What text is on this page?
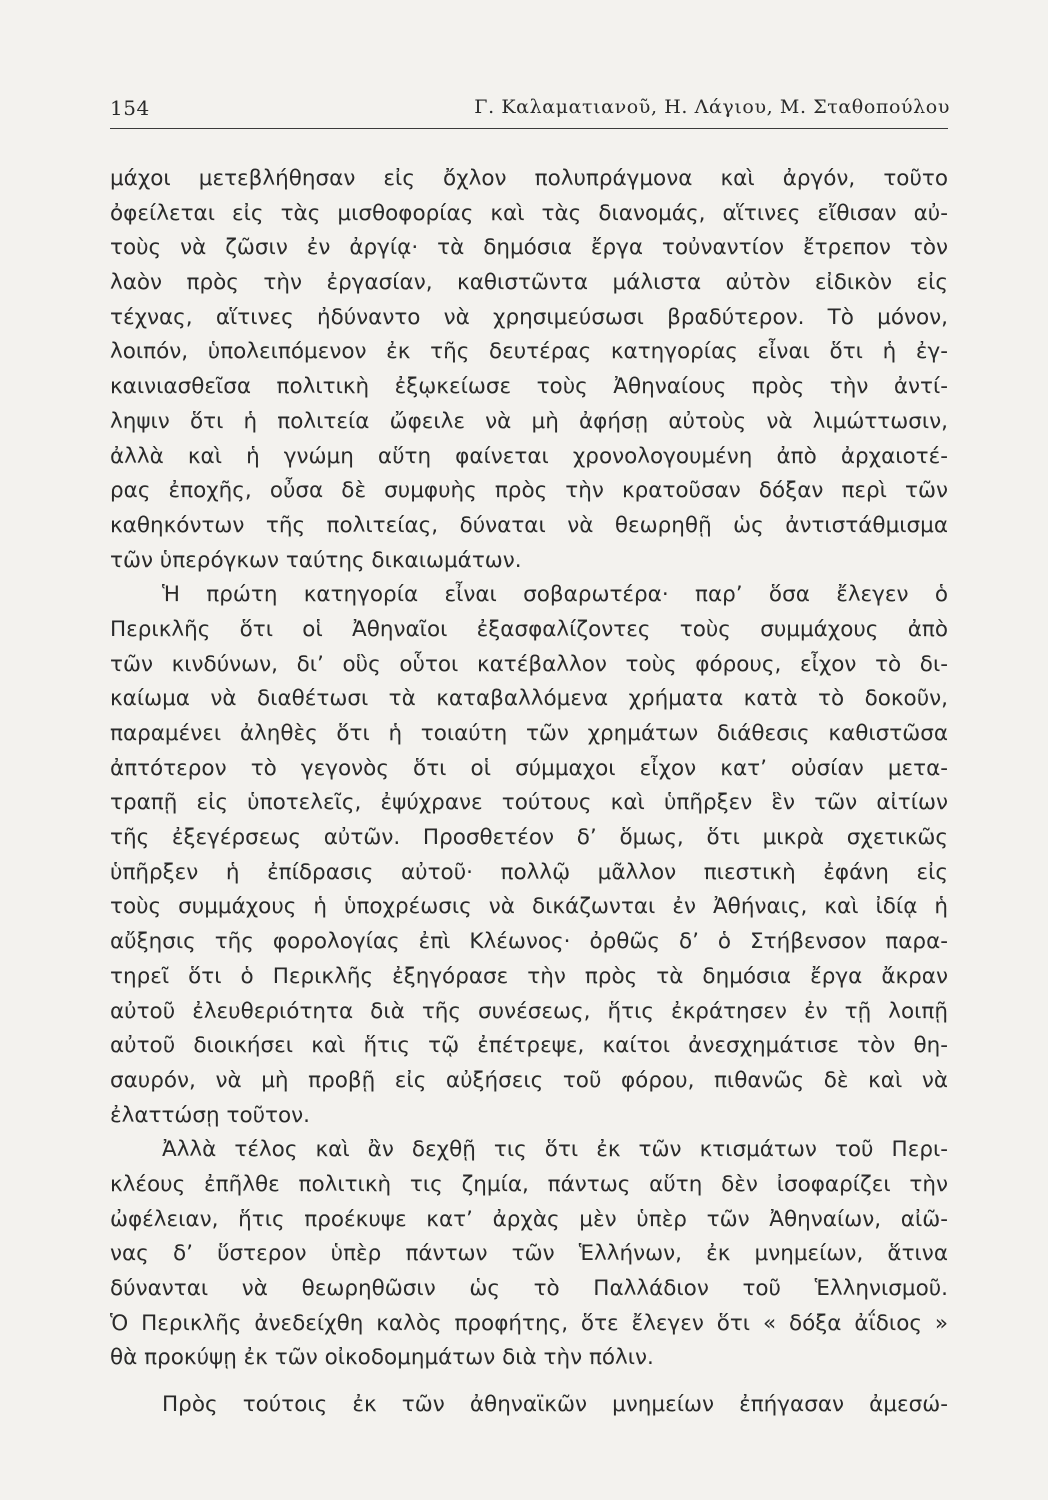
154	Γ. Καλαματιανοῦ, Η. Λάγιου, Μ. Σταθοπούλου
μάχοι μετεβλήθησαν εἰς ὄχλον πολυπράγμονα καὶ ἀργόν, τοῦτο
ὀφείλεται εἰς τὰς μισθοφορίας καὶ τὰς διανομάς, αἵτινες εἴθισαν αὐ-
τοὺς νὰ ζῶσιν ἐν ἀργίᾳ· τὰ δημόσια ἔργα τοὐναντίον ἔτρεπον τὸν
λαὸν πρὸς τὴν ἐργασίαν, καθιστῶντα μάλιστα αὐτὸν εἰδικὸν εἰς
τέχνας, αἵτινες ἠδύναντο νὰ χρησιμεύσωσι βραδύτερον. Τὸ μόνον,
λοιπόν, ὑπολειπόμενον ἐκ τῆς δευτέρας κατηγορίας εἶναι ὅτι ἡ ἐγ-
καινιασθεῖσα πολιτικὴ ἐξῳκείωσε τοὺς Ἀθηναίους πρὸς τὴν ἀντί-
ληψιν ὅτι ἡ πολιτεία ὤφειλε νὰ μὴ ἀφήσῃ αὐτοὺς νὰ λιμώττωσιν,
ἀλλὰ καὶ ἡ γνώμη αὕτη φαίνεται χρονολογουμένη ἀπὸ ἀρχαιοτέ-
ρας ἐποχῆς, οὖσα δὲ συμφυὴς πρὸς τὴν κρατοῦσαν δόξαν περὶ τῶν
καθηκόντων τῆς πολιτείας, δύναται νὰ θεωρηθῇ ὡς ἀντιστάθμισμα
τῶν ὑπερόγκων ταύτης δικαιωμάτων.
Ἡ πρώτη κατηγορία εἶναι σοβαρωτέρα· παρ’ ὅσα ἔλεγεν ὁ
Περικλῆς ὅτι οἱ Ἀθηναῖοι ἐξασφαλίζοντες τοὺς συμμάχους ἀπὸ
τῶν κινδύνων, δι’ οὓς οὗτοι κατέβαλλον τοὺς φόρους, εἶχον τὸ δι-
καίωμα νὰ διαθέτωσι τὰ καταβαλλόμενα χρήματα κατὰ τὸ δοκοῦν,
παραμένει ἀληθὲς ὅτι ἡ τοιαύτη τῶν χρημάτων διάθεσις καθιστῶσα
ἀπτότερον τὸ γεγονὸς ὅτι οἱ σύμμαχοι εἶχον κατ’ οὐσίαν μετα-
τραπῇ εἰς ὑποτελεῖς, ἐψύχρανε τούτους καὶ ὑπῆρξεν ἓν τῶν αἰτίων
τῆς ἐξεγέρσεως αὐτῶν. Προσθετέον δ’ ὅμως, ὅτι μικρὰ σχετικῶς
ὑπῆρξεν ἡ ἐπίδρασις αὐτοῦ· πολλῷ μᾶλλον πιεστικὴ ἐφάνη εἰς
τοὺς συμμάχους ἡ ὑποχρέωσις νὰ δικάζωνται ἐν Ἀθήναις, καὶ ἰδίᾳ ἡ
αὔξησις τῆς φορολογίας ἐπὶ Κλέωνος· ὀρθῶς δ’ ὁ Στήβενσον παρα-
τηρεῖ ὅτι ὁ Περικλῆς ἐξηγόρασε τὴν πρὸς τὰ δημόσια ἔργα ἄκραν
αὐτοῦ ἐλευθεριότητα διὰ τῆς συνέσεως, ἥτις ἐκράτησεν ἐν τῇ λοιπῇ
αὐτοῦ διοικήσει καὶ ἥτις τῷ ἐπέτρεψε, καίτοι ἀνεσχημάτισε τὸν θη-
σαυρόν, νὰ μὴ προβῇ εἰς αὐξήσεις τοῦ φόρου, πιθανῶς δὲ καὶ νὰ
ἐλαττώσῃ τοῦτον.
Ἀλλὰ τέλος καὶ ἂν δεχθῇ τις ὅτι ἐκ τῶν κτισμάτων τοῦ Περι-
κλέους ἐπῆλθε πολιτικὴ τις ζημία, πάντως αὕτη δὲν ἰσοφαρίζει τὴν
ὠφέλειαν, ἥτις προέκυψε κατ’ ἀρχὰς μὲν ὑπὲρ τῶν Ἀθηναίων, αἰῶ-
νας δ’ ὕστερον ὑπὲρ πάντων τῶν Ἑλλήνων, ἐκ μνημείων, ἅτινα
δύνανται νὰ θεωρηθῶσιν ὡς τὸ Παλλάδιον τοῦ Ἑλληνισμοῦ.
Ὁ Περικλῆς ἀνεδείχθη καλὸς προφήτης, ὅτε ἔλεγεν ὅτι « δόξα ἀΐδιος »
θὰ προκύψῃ ἐκ τῶν οἰκοδομημάτων διὰ τὴν πόλιν.
Πρὸς τούτοις ἐκ τῶν ἀθηναϊκῶν μνημείων ἐπήγασαν ἀμεσώ-
